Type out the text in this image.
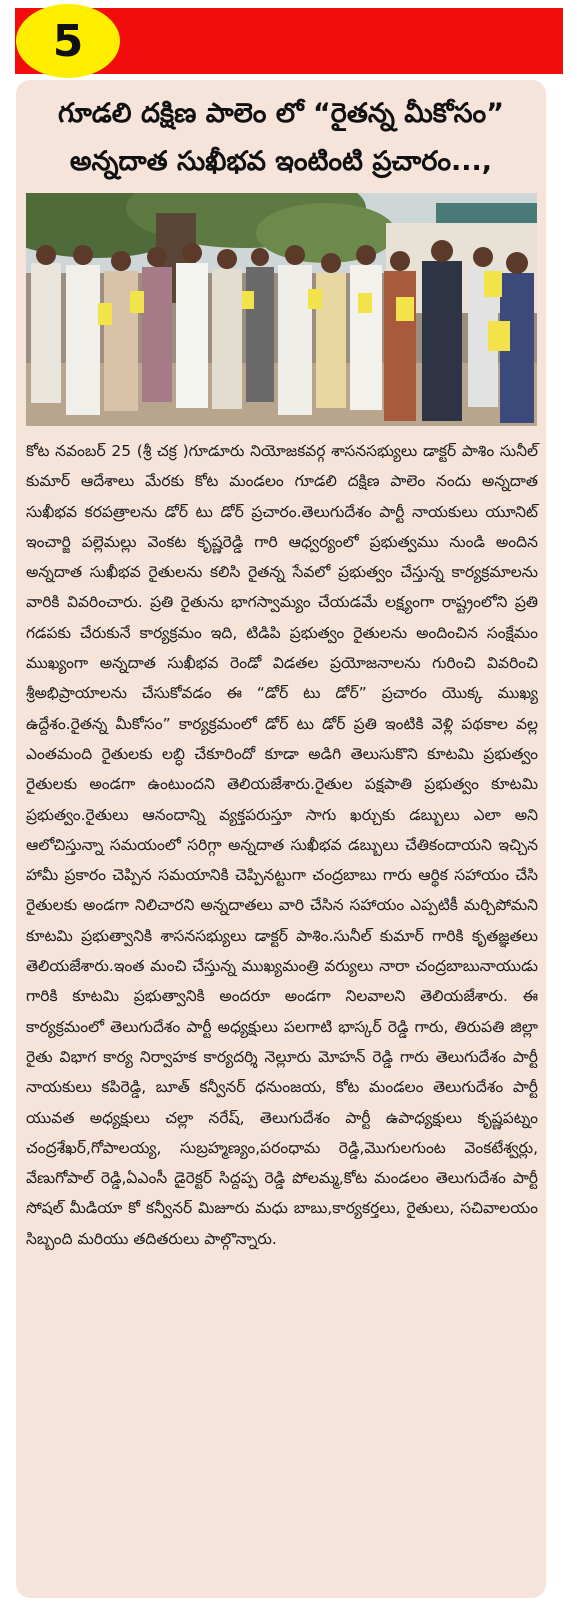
5
గూడలి దక్షిణ పాలెం లో “రైతన్న మీకోసం”
అన్నదాత సుఖీభవ ఇంటింటి ప్రచారం...,

కోట నవంబర్ 25 (శ్రీ చక్ర )గూడూరు నియోజకవర్గ శాసనసభ్యులు డాక్టర్ పాశిం సునీల్ కుమార్ ఆదేశాలు మేరకు కోట మండలం గూడలి దక్షిణ పాలెం నందు అన్నదాత సుఖీభవ కరపత్రాలను డోర్ టు డోర్ ప్రచారం.తెలుగుదేశం పార్టీ నాయకులు యూనిట్ ఇంచార్జి పల్లెమల్లు వెంకట కృష్ణరెడ్డి గారి ఆధ్వర్యంలో ప్రభుత్వము నుండి అందిన అన్నదాత సుఖీభవ రైతులను కలిసి రైతన్న సేవలో ప్రభుత్వం చేస్తున్న కార్యక్రమాలను వారికి వివరించారు. ప్రతి రైతును భాగస్వామ్యం చేయడమే లక్ష్యంగా రాష్ట్రంలోని ప్రతి గడపకు చేరుకునే కార్యక్రమం ఇది, టిడిపి ప్రభుత్వం రైతులను అందించిన సంక్షేమం ముఖ్యంగా అన్నదాత సుఖీభవ రెండో విడతల ప్రయోజనాలను గురించి వివరించి శ్రీఅభిప్రాయాలను చేసుకోవడం ఈ “డోర్ టు డోర్” ప్రచారం యొక్క ముఖ్య ఉద్దేశం.రైతన్న మీకోసం” కార్యక్రమంలో డోర్ టు డోర్ ప్రతి ఇంటికి వెళ్లి పథకాల వల్ల ఎంతమంది రైతులకు లబ్ధి చేకూరిందో కూడా అడిగి తెలుసుకొని కూటమి ప్రభుత్వం రైతులకు అండగా ఉంటుందని తెలియజేశారు.రైతుల పక్షపాతి ప్రభుత్వం కూటమి ప్రభుత్వం.రైతులు ఆనందాన్ని వ్యక్తపరుస్తూ సాగు ఖర్చుకు డబ్బులు ఎలా అని ఆలోచిస్తున్నా సమయంలో సరిగ్గా అన్నదాత సుఖీభవ డబ్బులు చేతికందాయని ఇచ్చిన హామీ ప్రకారం చెప్పిన సమయానికి చెప్పినట్టుగా చంద్రబాబు గారు ఆర్థిక సహాయం చేసి రైతులకు అండగా నిలిచారని అన్నదాతలు వారి చేసిన సహాయం ఎప్పటికీ మర్చిపోమని కూటమి ప్రభుత్వానికి శాసనసభ్యులు డాక్టర్ పాశిం.సునీల్ కుమార్ గారికి కృతజ్ఞతలు తెలియజేశారు.ఇంత మంచి చేస్తున్న ముఖ్యమంత్రి వర్యులు నారా చంద్రబాబునాయుడు గారికి కూటమి ప్రభుత్వానికి అందరూ అండగా నిలవాలని తెలియజేశారు. ఈ కార్యక్రమంలో తెలుగుదేశం పార్టీ అధ్యక్షులు పలగాటి భాస్కర్ రెడ్డి గారు, తిరుపతి జిల్లా రైతు విభాగ కార్య నిర్వాహక కార్యదర్శి నెల్లూరు మోహన్ రెడ్డి గారు తెలుగుదేశం పార్టీ నాయకులు కపిరెడ్డి, బూత్ కన్వీనర్ ధనుంజయ, కోట మండలం తెలుగుదేశం పార్టీ యువత అధ్యక్షులు చల్లా నరేష్, తెలుగుదేశం పార్టీ ఉపాధ్యక్షులు కృష్ణపట్నం చంద్రశేఖర్,గోపాలయ్య, సుబ్రహ్మణ్యం,పరంధామ రెడ్డి,మొగులగుంట వెంకటేశ్వర్లు, వేణుగోపాల్ రెడ్డి,ఏఎంసీ డైరెక్టర్ సిద్దప్ప రెడ్డి పోలమ్మ,కోట మండలం తెలుగుదేశం పార్టీ సోషల్ మీడియా కో కన్వీనర్ మిజూరు మధు బాబు,కార్యకర్తలు, రైతులు, సచివాలయం సిబ్బంది మరియు తదితరులు పాల్గొన్నారు.
